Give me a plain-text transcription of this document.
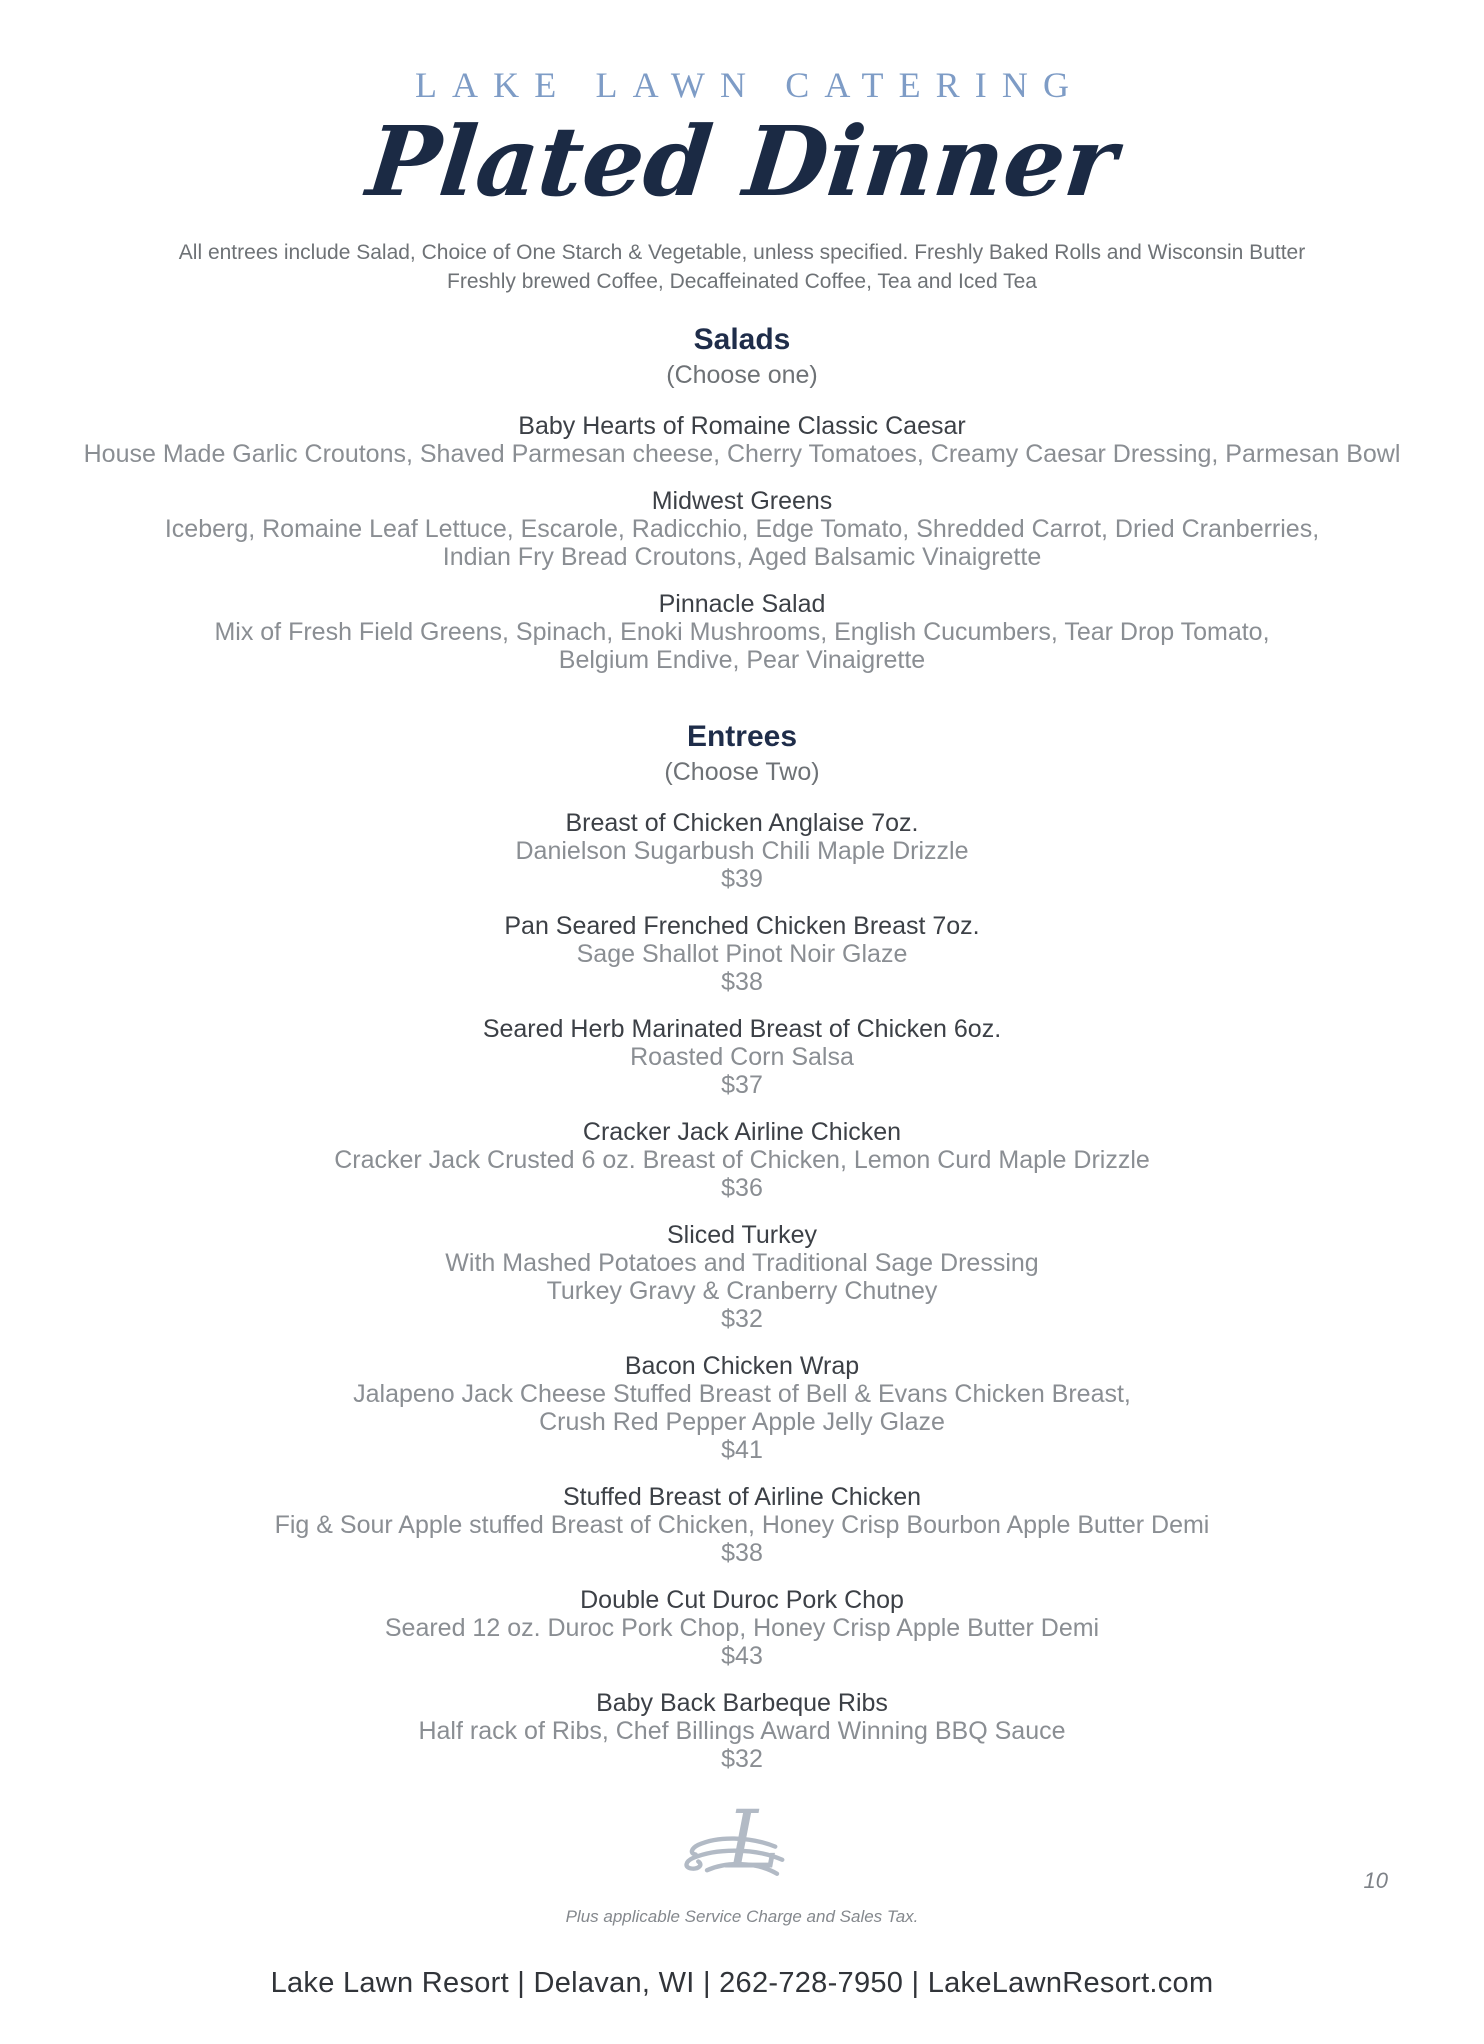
LAKE LAWN CATERING
Plated Dinner
All entrees include Salad, Choice of One Starch & Vegetable, unless specified. Freshly Baked Rolls and Wisconsin Butter
Freshly brewed Coffee, Decaffeinated Coffee, Tea and Iced Tea
Salads
(Choose one)
Baby Hearts of Romaine Classic Caesar
House Made Garlic Croutons, Shaved Parmesan cheese, Cherry Tomatoes, Creamy Caesar Dressing, Parmesan Bowl
Midwest Greens
Iceberg, Romaine Leaf Lettuce, Escarole, Radicchio, Edge Tomato, Shredded Carrot, Dried Cranberries,
Indian Fry Bread Croutons, Aged Balsamic Vinaigrette
Pinnacle Salad
Mix of Fresh Field Greens, Spinach, Enoki Mushrooms, English Cucumbers, Tear Drop Tomato,
Belgium Endive, Pear Vinaigrette
Entrees
(Choose Two)
Breast of Chicken Anglaise 7oz.
Danielson Sugarbush Chili Maple Drizzle
$39
Pan Seared Frenched Chicken Breast 7oz.
Sage Shallot Pinot Noir Glaze
$38
Seared Herb Marinated Breast of Chicken 6oz.
Roasted Corn Salsa
$37
Cracker Jack Airline Chicken
Cracker Jack Crusted 6 oz. Breast of Chicken, Lemon Curd Maple Drizzle
$36
Sliced Turkey
With Mashed Potatoes and Traditional Sage Dressing
Turkey Gravy & Cranberry Chutney
$32
Bacon Chicken Wrap
Jalapeno Jack Cheese Stuffed Breast of Bell & Evans Chicken Breast,
Crush Red Pepper Apple Jelly Glaze
$41
Stuffed Breast of Airline Chicken
Fig & Sour Apple stuffed Breast of Chicken, Honey Crisp Bourbon Apple Butter Demi
$38
Double Cut Duroc Pork Chop
Seared 12 oz. Duroc Pork Chop, Honey Crisp Apple Butter Demi
$43
Baby Back Barbeque Ribs
Half rack of Ribs, Chef Billings Award Winning BBQ Sauce
$32
L
Plus applicable Service Charge and Sales Tax.
Lake Lawn Resort | Delavan, WI | 262-728-7950 | LakeLawnResort.com
10
